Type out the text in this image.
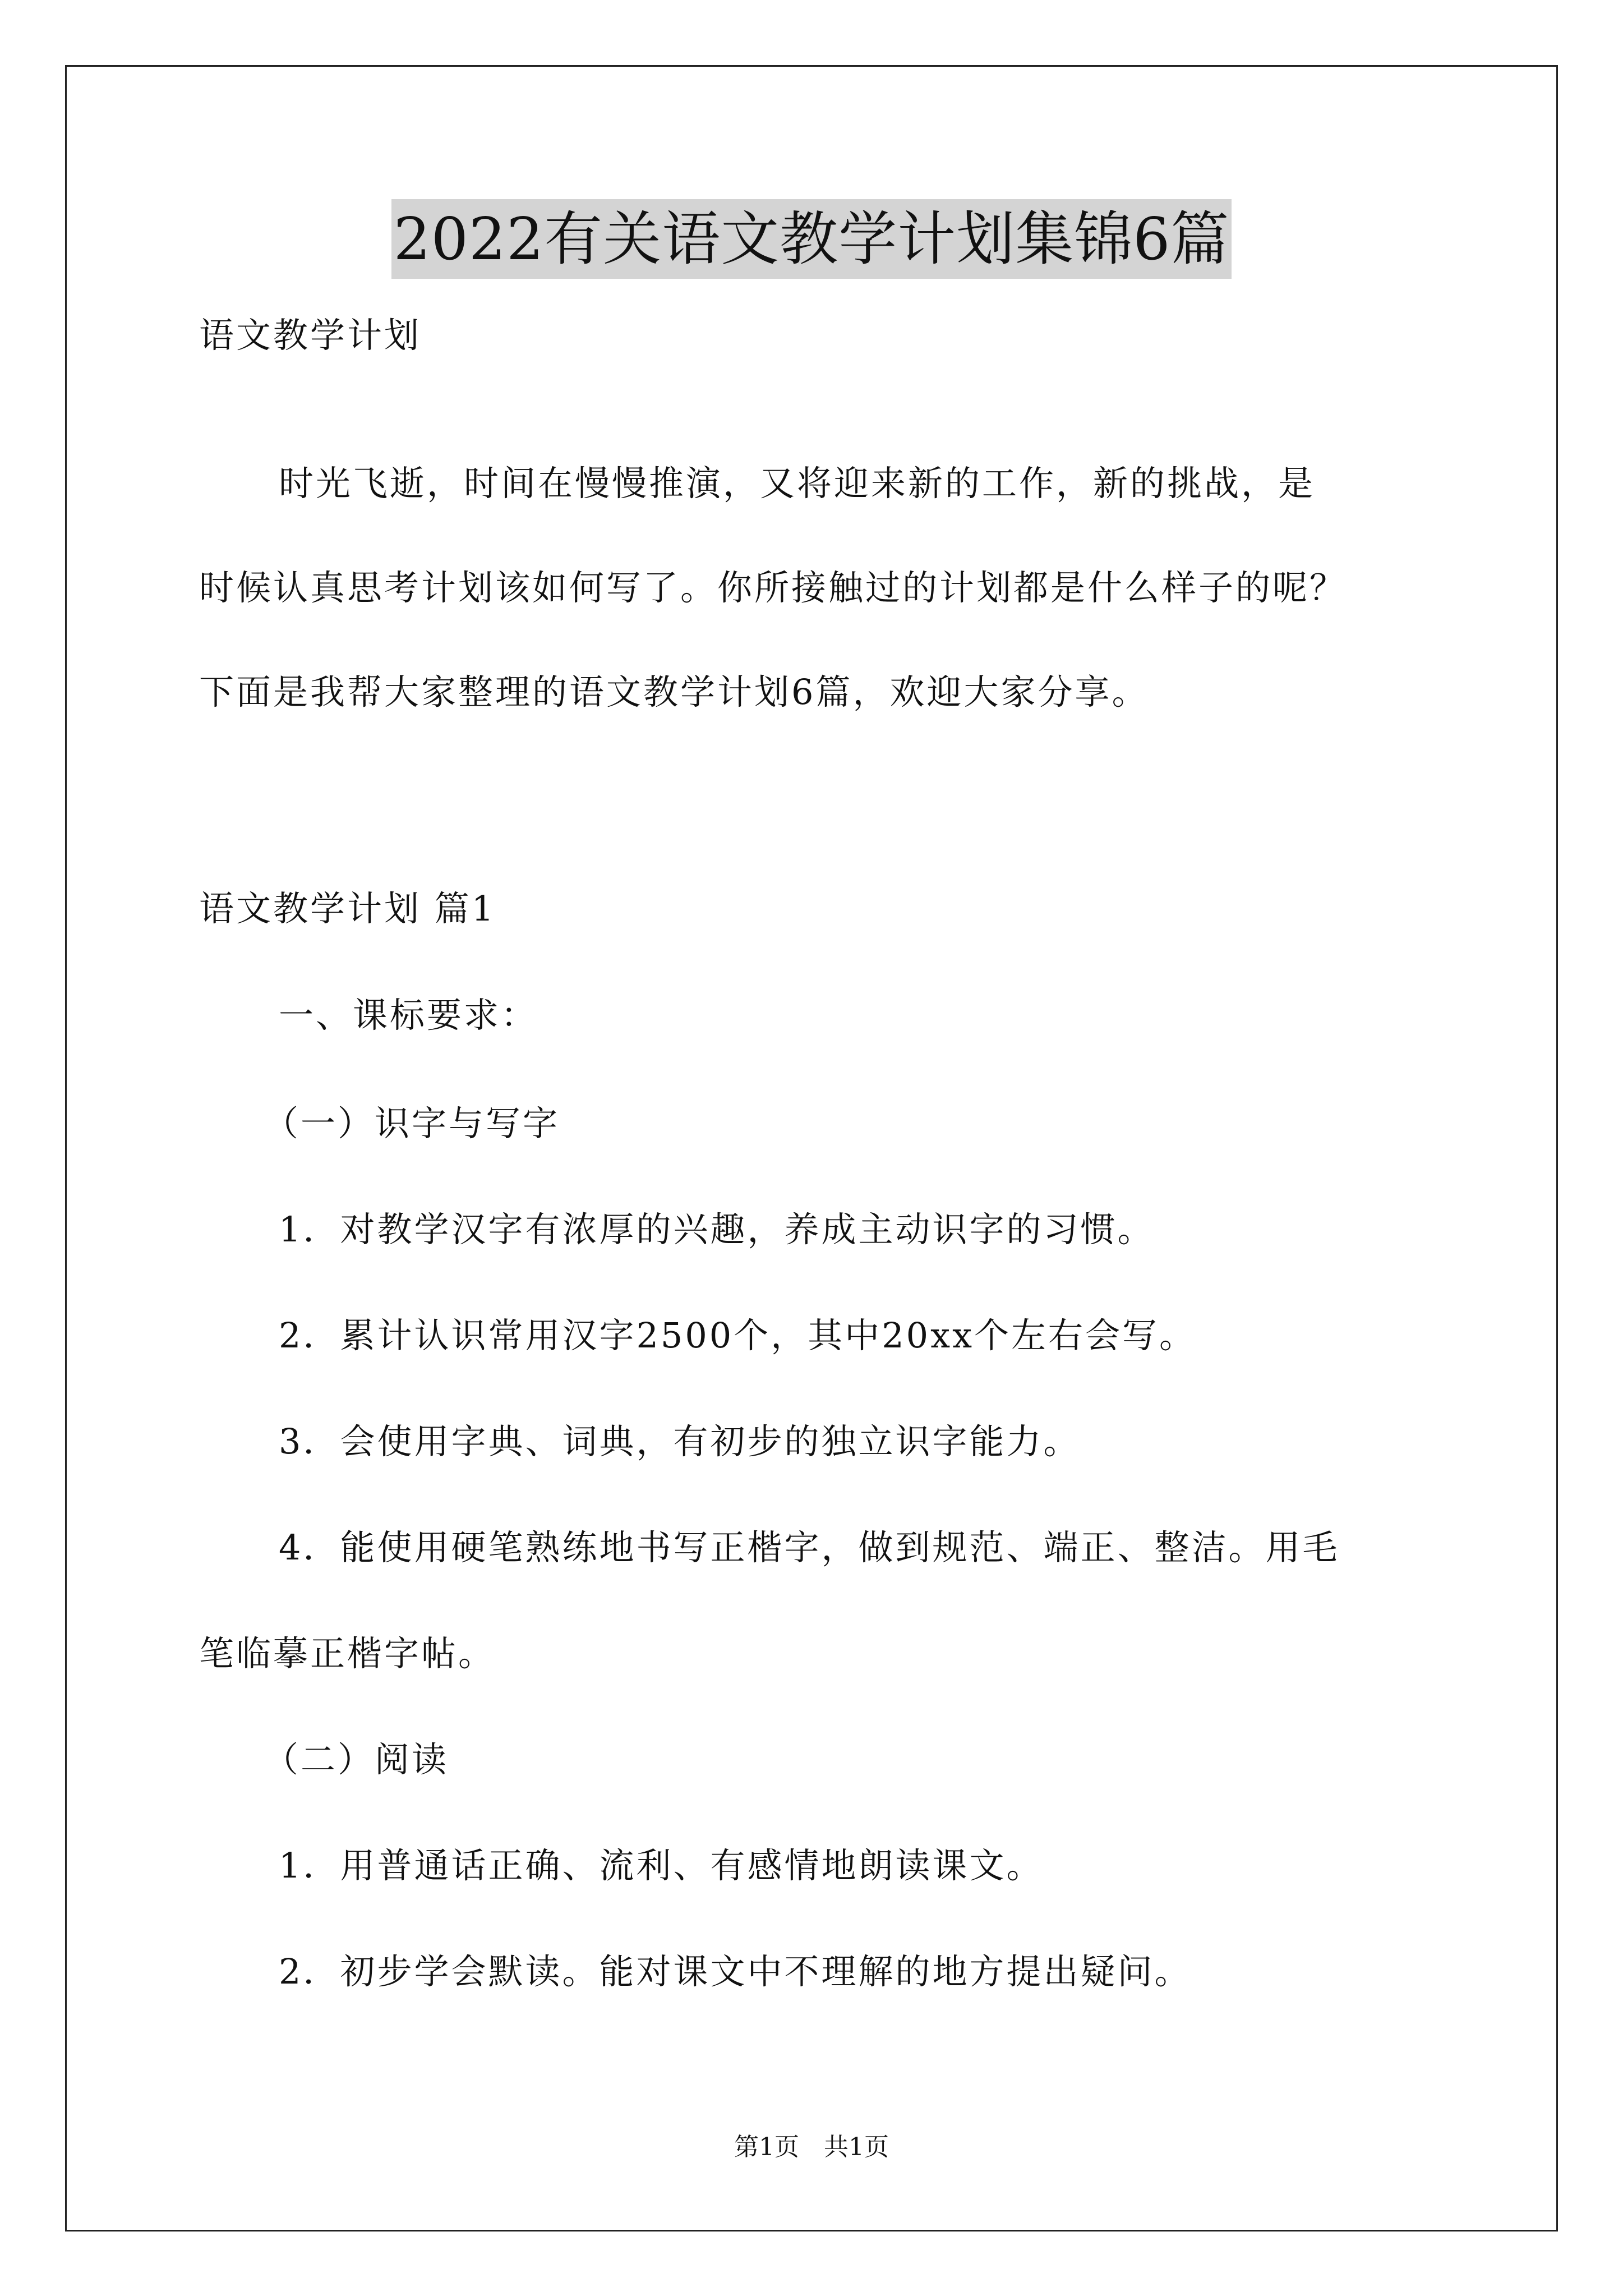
2022有关语文教学计划集锦6篇

语文教学计划

时光飞逝，时间在慢慢推演，又将迎来新的工作，新的挑战，是

时候认真思考计划该如何写了。你所接触过的计划都是什么样子的呢？

下面是我帮大家整理的语文教学计划6篇，欢迎大家分享。

语文教学计划 篇1

一、课标要求：

（一）识字与写字

1．对教学汉字有浓厚的兴趣，养成主动识字的习惯。

2．累计认识常用汉字2500个，其中20xx个左右会写。

3．会使用字典、词典，有初步的独立识字能力。

4．能使用硬笔熟练地书写正楷字，做到规范、端正、整洁。用毛

笔临摹正楷字帖。

（二）阅读

1．用普通话正确、流利、有感情地朗读课文。

2．初步学会默读。能对课文中不理解的地方提出疑问。

第1页　共1页
